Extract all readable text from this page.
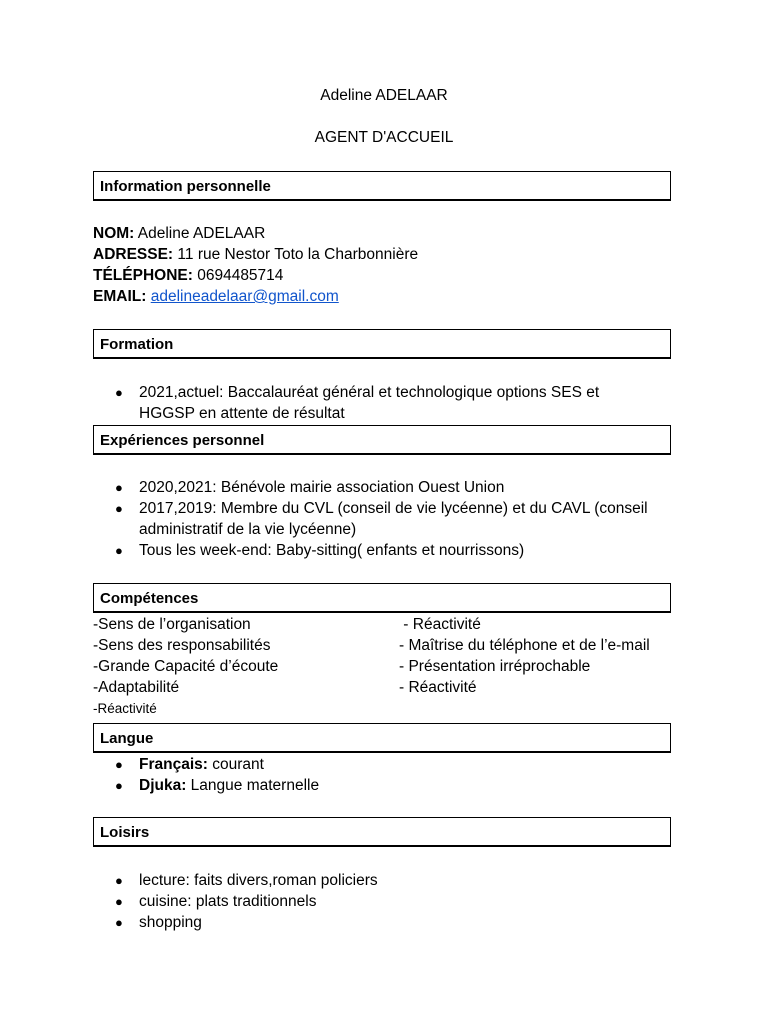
Adeline ADELAAR
AGENT D'ACCUEIL
Information personnelle
NOM: Adeline ADELAAR
ADRESSE: 11 rue Nestor Toto la Charbonnière
TÉLÉPHONE: 0694485714
EMAIL: adelineadelaar@gmail.com
Formation
● 2021,actuel: Baccalauréat général et technologique options SES et HGGSP en attente de résultat
Expériences personnel
● 2020,2021: Bénévole mairie association Ouest Union
● 2017,2019: Membre du CVL (conseil de vie lycéenne) et du CAVL (conseil administratif de la vie lycéenne)
● Tous les week-end: Baby-sitting( enfants et nourrissons)
Compétences
-Sens de l’organisation
-Sens des responsabilités
-Grande Capacité d’écoute
-Adaptabilité
- Réactivité
- Maîtrise du téléphone et de l’e-mail
- Présentation irréprochable
- Réactivité
-Réactivité
Langue
● Français: courant
● Djuka: Langue maternelle
Loisirs
● lecture: faits divers,roman policiers
● cuisine: plats traditionnels
● shopping
